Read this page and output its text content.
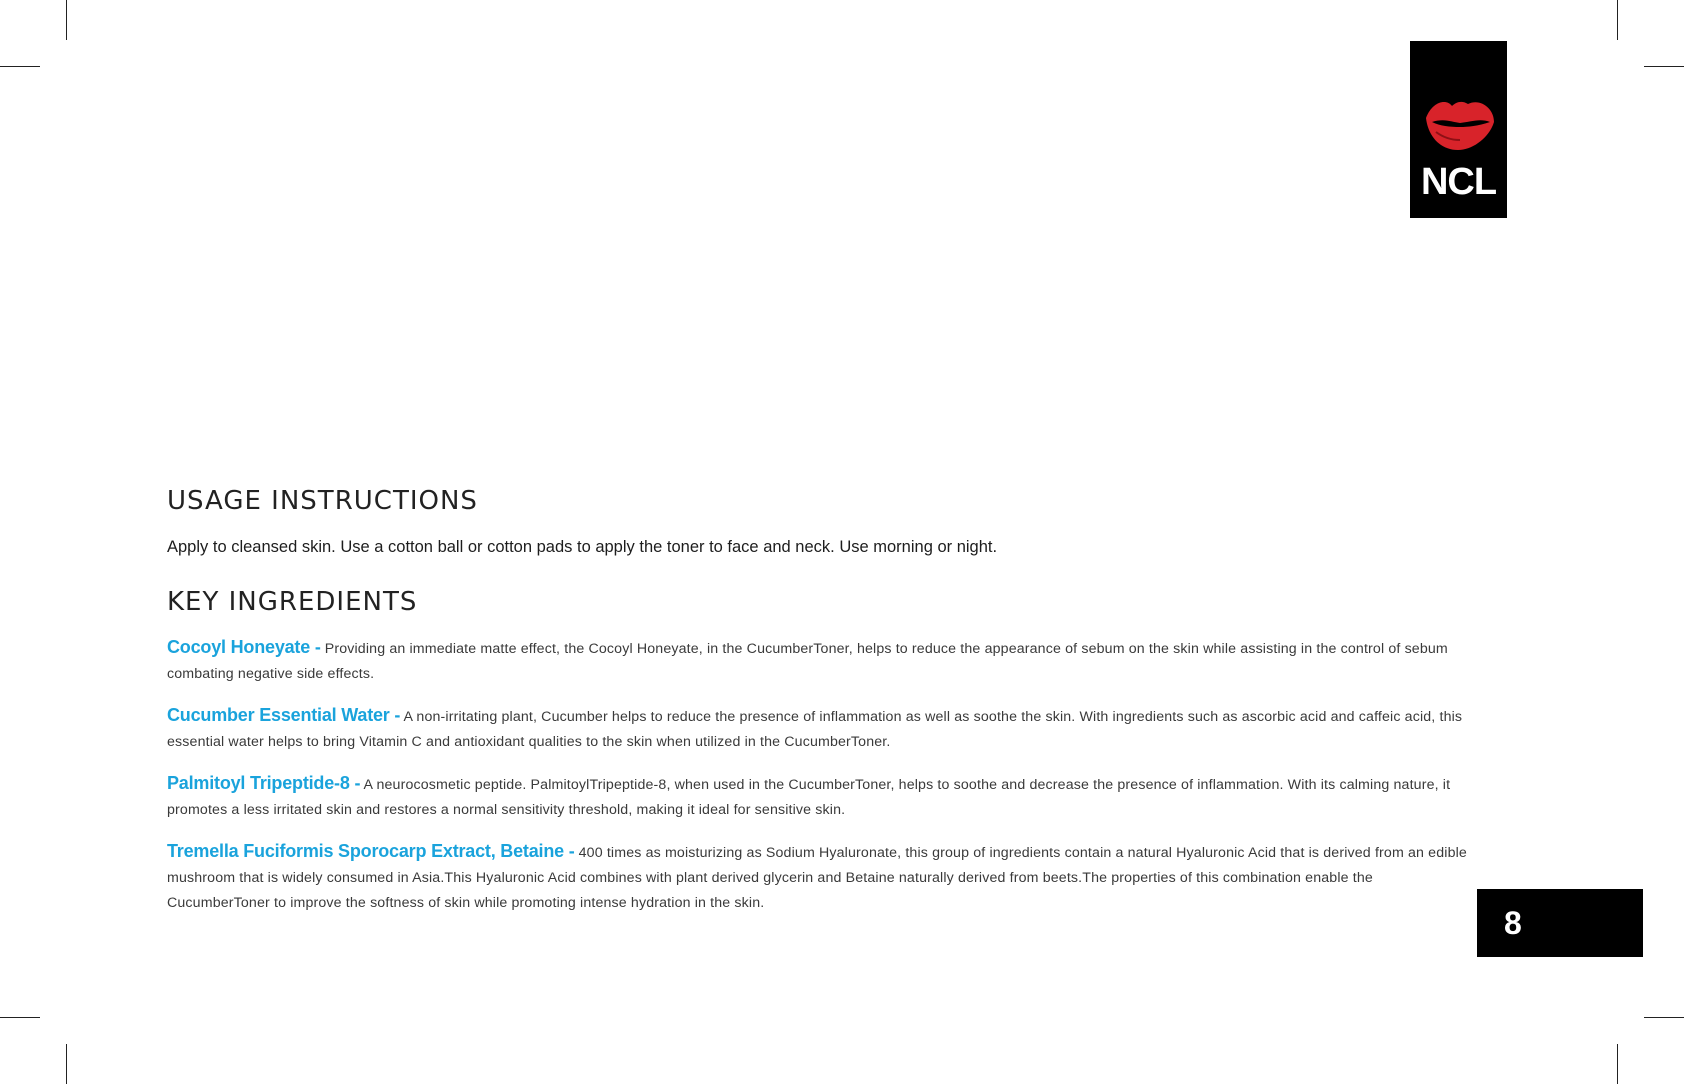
NCL
USAGE INSTRUCTIONS

Apply to cleansed skin. Use a cotton ball or cotton pads to apply the toner to face and neck. Use morning or night.

KEY INGREDIENTS

Cocoyl Honeyate - Providing an immediate matte effect, the Cocoyl Honeyate, in the CucumberToner, helps to reduce the appearance of sebum on the skin while assisting in the control of sebum combating negative side effects.

Cucumber Essential Water - A non-irritating plant, Cucumber helps to reduce the presence of inflammation as well as soothe the skin. With ingredients such as ascorbic acid and caffeic acid, this essential water helps to bring Vitamin C and antioxidant qualities to the skin when utilized in the CucumberToner.

Palmitoyl Tripeptide-8 - A neurocosmetic peptide. PalmitoylTripeptide-8, when used in the CucumberToner, helps to soothe and decrease the presence of inflammation. With its calming nature, it promotes a less irritated skin and restores a normal sensitivity threshold, making it ideal for sensitive skin.

Tremella Fuciformis Sporocarp Extract, Betaine - 400 times as moisturizing as Sodium Hyaluronate, this group of ingredients contain a natural Hyaluronic Acid that is derived from an edible mushroom that is widely consumed in Asia.This Hyaluronic Acid combines with plant derived glycerin and Betaine naturally derived from beets.The properties of this combination enable the CucumberToner to improve the softness of skin while promoting intense hydration in the skin.

8
